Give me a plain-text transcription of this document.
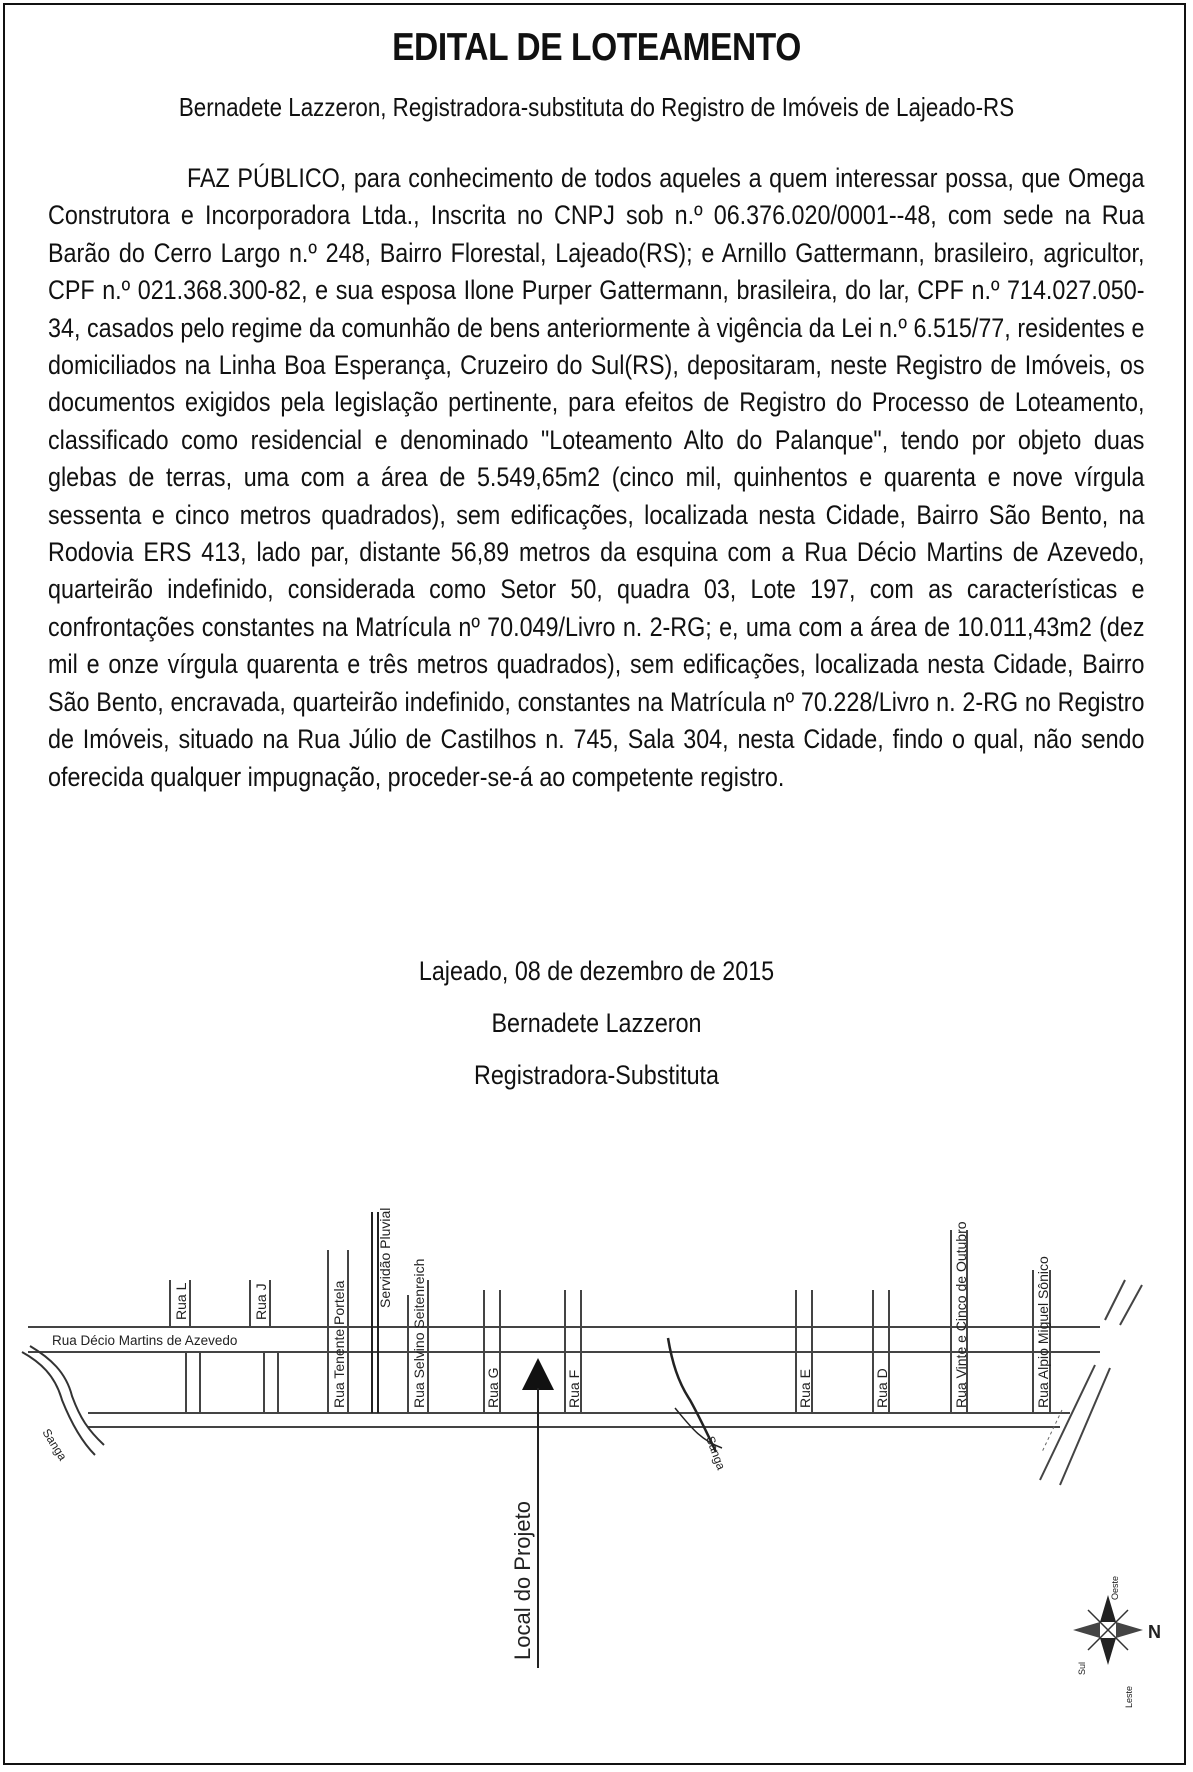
EDITAL DE LOTEAMENTO
Bernadete Lazzeron, Registradora-substituta do Registro de Imóveis de Lajeado-RS

FAZ PÚBLICO, para conhecimento de todos aqueles a quem interessar possa, que Omega Construtora e Incorporadora Ltda., Inscrita no CNPJ sob n.º 06.376.020/0001-​-48, com sede na Rua Barão do Cerro Largo n.º 248, Bairro Florestal, Lajeado(RS); e Arnillo Gattermann, brasileiro, agricultor, CPF n.º 021.368.300-82, e sua esposa Ilone Purper Gattermann, brasileira, do lar, CPF n.º 714.027.050-34, casados pelo regime da comunhão de bens anteriormente à vigência da Lei n.º 6.515/77, residentes e domiciliados na Linha Boa Esperança, Cruzeiro do Sul(RS), depositaram, neste Registro de Imóveis, os documentos exigidos pela legislação pertinente, para efeitos de Registro do Processo de Loteamento, classificado como residencial e denominado "Loteamento Alto do Palanque", tendo por objeto duas glebas de terras, uma com a área de 5.549,65m2 (cinco mil, quinhentos e quarenta e nove vírgula sessenta e cinco metros quadrados), sem edificações, localizada nesta Cidade, Bairro São Bento, na Rodovia ERS 413, lado par, distante 56,89 metros da esquina com a Rua Décio Martins de Azevedo, quarteirão indefinido, considerada como Setor 50, quadra 03, Lote 197, com as características e confrontações constantes na Matrícula nº 70.049/Livro n. 2-RG; e, uma com a área de 10.011,43m2 (dez mil e onze vírgula quarenta e três metros quadrados), sem edificações, localizada nesta Cidade, Bairro São Bento, encravada, quarteirão indefinido, constantes na Matrícula nº 70.228/Livro n. 2-RG no Registro de Imóveis, situado na Rua Júlio de Castilhos n. 745, Sala 304, nesta Cidade, findo o qual, não sendo oferecida qualquer impugnação, proceder-se-á ao competente registro.

Lajeado, 08 de dezembro de 2015
Bernadete Lazzeron
Registradora-Substituta
Sanga	Sanga
Rua L	Rua J	Rua Tenente Portela
Servidão Pluvial
Rua Selvino Seitenreich	Rua G	Rua F	Rua E	Rua D	Rua Vinte e Cinco de Outubro	Rua Alpio Miguel Sônico
Rua Décio Martins de Azevedo
Local do Projeto	N
Sul
Oeste
Leste
